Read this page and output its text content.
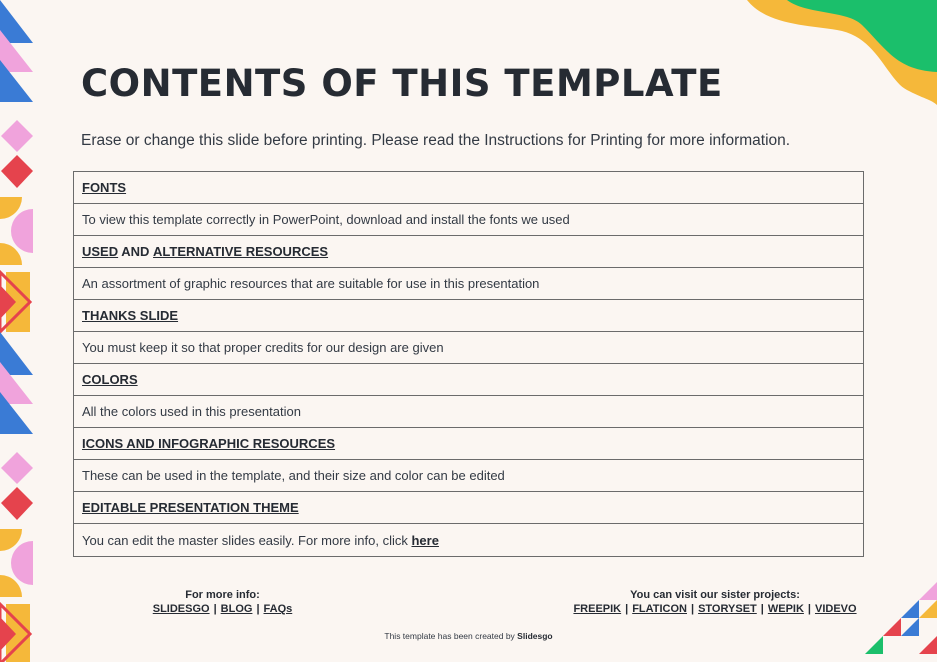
CONTENTS OF THIS TEMPLATE

Erase or change this slide before printing. Please read the Instructions for Printing for more information.

FONTS
To view this template correctly in PowerPoint, download and install the fonts we used
USED AND ALTERNATIVE RESOURCES
An assortment of graphic resources that are suitable for use in this presentation
THANKS SLIDE
You must keep it so that proper credits for our design are given
COLORS
All the colors used in this presentation
ICONS AND INFOGRAPHIC RESOURCES
These can be used in the template, and their size and color can be edited
EDITABLE PRESENTATION THEME
You can edit the master slides easily. For more info, click here
For more info:
SLIDESGO | BLOG | FAQs
You can visit our sister projects:
FREEPIK | FLATICON | STORYSET | WEPIK | VIDEVO
This template has been created by Slidesgo
